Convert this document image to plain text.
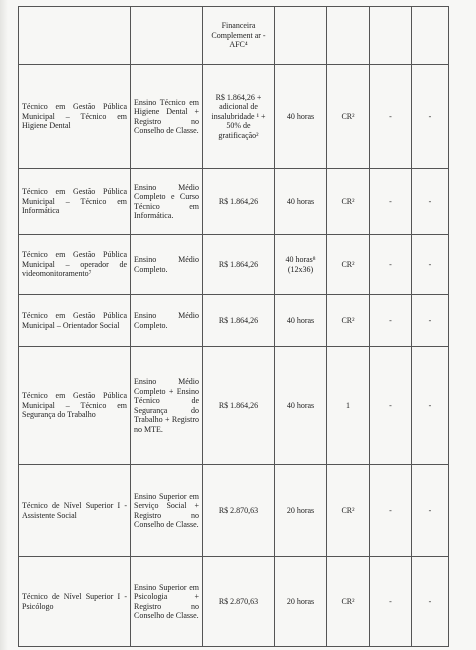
		Financeira Complement ar - AFC⁴				
Técnico em Gestão Pública Municipal – Técnico em Higiene Dental	Ensino Técnico em Higiene Dental + Registro no Conselho de Classe.	R$ 1.864,26 + adicional de insalubridade ¹ + 50% de gratificação²	40 horas	CR²	-	-
Técnico em Gestão Pública Municipal – Técnico em Informática	Ensino Médio Completo e Curso Técnico em Informática.	R$ 1.864,26	40 horas	CR²	-	-
Técnico em Gestão Pública Municipal – operador de videomonitoramento⁷	Ensino Médio Completo.	R$ 1.864,26	40 horas⁸ (12x36)	CR²	-	-
Técnico em Gestão Pública Municipal – Orientador Social	Ensino Médio Completo.	R$ 1.864,26	40 horas	CR²	-	-
Técnico em Gestão Pública Municipal – Técnico em Segurança do Trabalho	Ensino Médio Completo + Ensino Técnico de Segurança do Trabalho + Registro no MTE.	R$ 1.864,26	40 horas	1	-	-
Técnico de Nível Superior I - Assistente Social	Ensino Superior em Serviço Social + Registro no Conselho de Classe.	R$ 2.870,63	20 horas	CR²	-	-
Técnico de Nível Superior I - Psicólogo	Ensino Superior em Psicologia + Registro no Conselho de Classe.	R$ 2.870,63	20 horas	CR²	-	-
